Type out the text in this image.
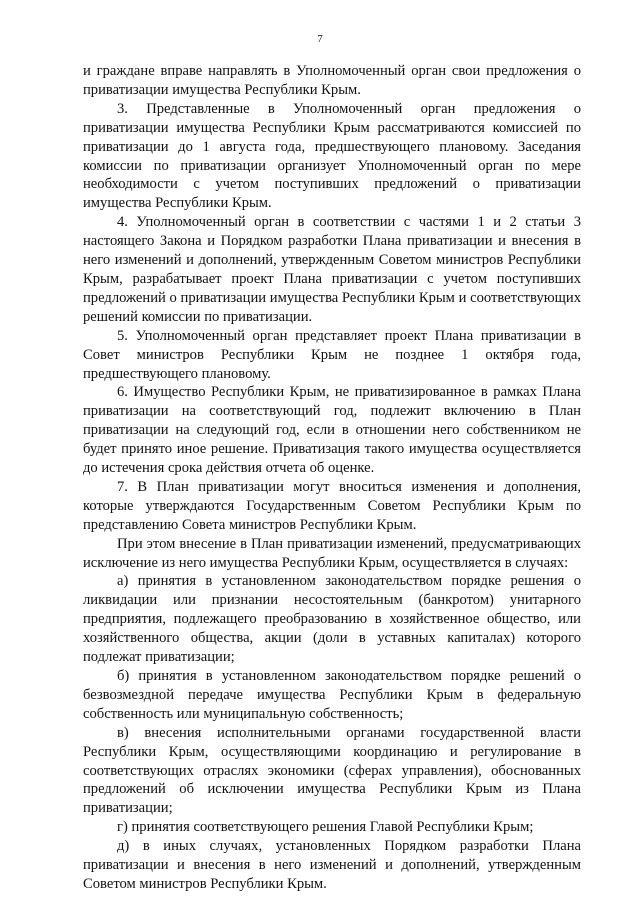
7

и граждане вправе направлять в Уполномоченный орган свои предложения о приватизации имущества Республики Крым.

3. Представленные в Уполномоченный орган предложения о приватизации имущества Республики Крым рассматриваются комиссией по приватизации до 1 августа года, предшествующего плановому. Заседания комиссии по приватизации организует Уполномоченный орган по мере необходимости с учетом поступивших предложений о приватизации имущества Республики Крым.

4. Уполномоченный орган в соответствии с частями 1 и 2 статьи 3 настоящего Закона и Порядком разработки Плана приватизации и внесения в него изменений и дополнений, утвержденным Советом министров Республики Крым, разрабатывает проект Плана приватизации с учетом поступивших предложений о приватизации имущества Республики Крым и соответствующих решений комиссии по приватизации.

5. Уполномоченный орган представляет проект Плана приватизации в Совет министров Республики Крым не позднее 1 октября года, предшествующего плановому.

6. Имущество Республики Крым, не приватизированное в рамках Плана приватизации на соответствующий год, подлежит включению в План приватизации на следующий год, если в отношении него собственником не будет принято иное решение. Приватизация такого имущества осуществляется до истечения срока действия отчета об оценке.

7. В План приватизации могут вноситься изменения и дополнения, которые утверждаются Государственным Советом Республики Крым по представлению Совета министров Республики Крым.

При этом внесение в План приватизации изменений, предусматривающих исключение из него имущества Республики Крым, осуществляется в случаях:

а) принятия в установленном законодательством порядке решения о ликвидации или признании несостоятельным (банкротом) унитарного предприятия, подлежащего преобразованию в хозяйственное общество, или хозяйственного общества, акции (доли в уставных капиталах) которого подлежат приватизации;

б) принятия в установленном законодательством порядке решений о безвозмездной передаче имущества Республики Крым в федеральную собственность или муниципальную собственность;

в) внесения исполнительными органами государственной власти Республики Крым, осуществляющими координацию и регулирование в соответствующих отраслях экономики (сферах управления), обоснованных предложений об исключении имущества Республики Крым из Плана приватизации;

г) принятия соответствующего решения Главой Республики Крым;

д) в иных случаях, установленных Порядком разработки Плана приватизации и внесения в него изменений и дополнений, утвержденным Советом министров Республики Крым.
